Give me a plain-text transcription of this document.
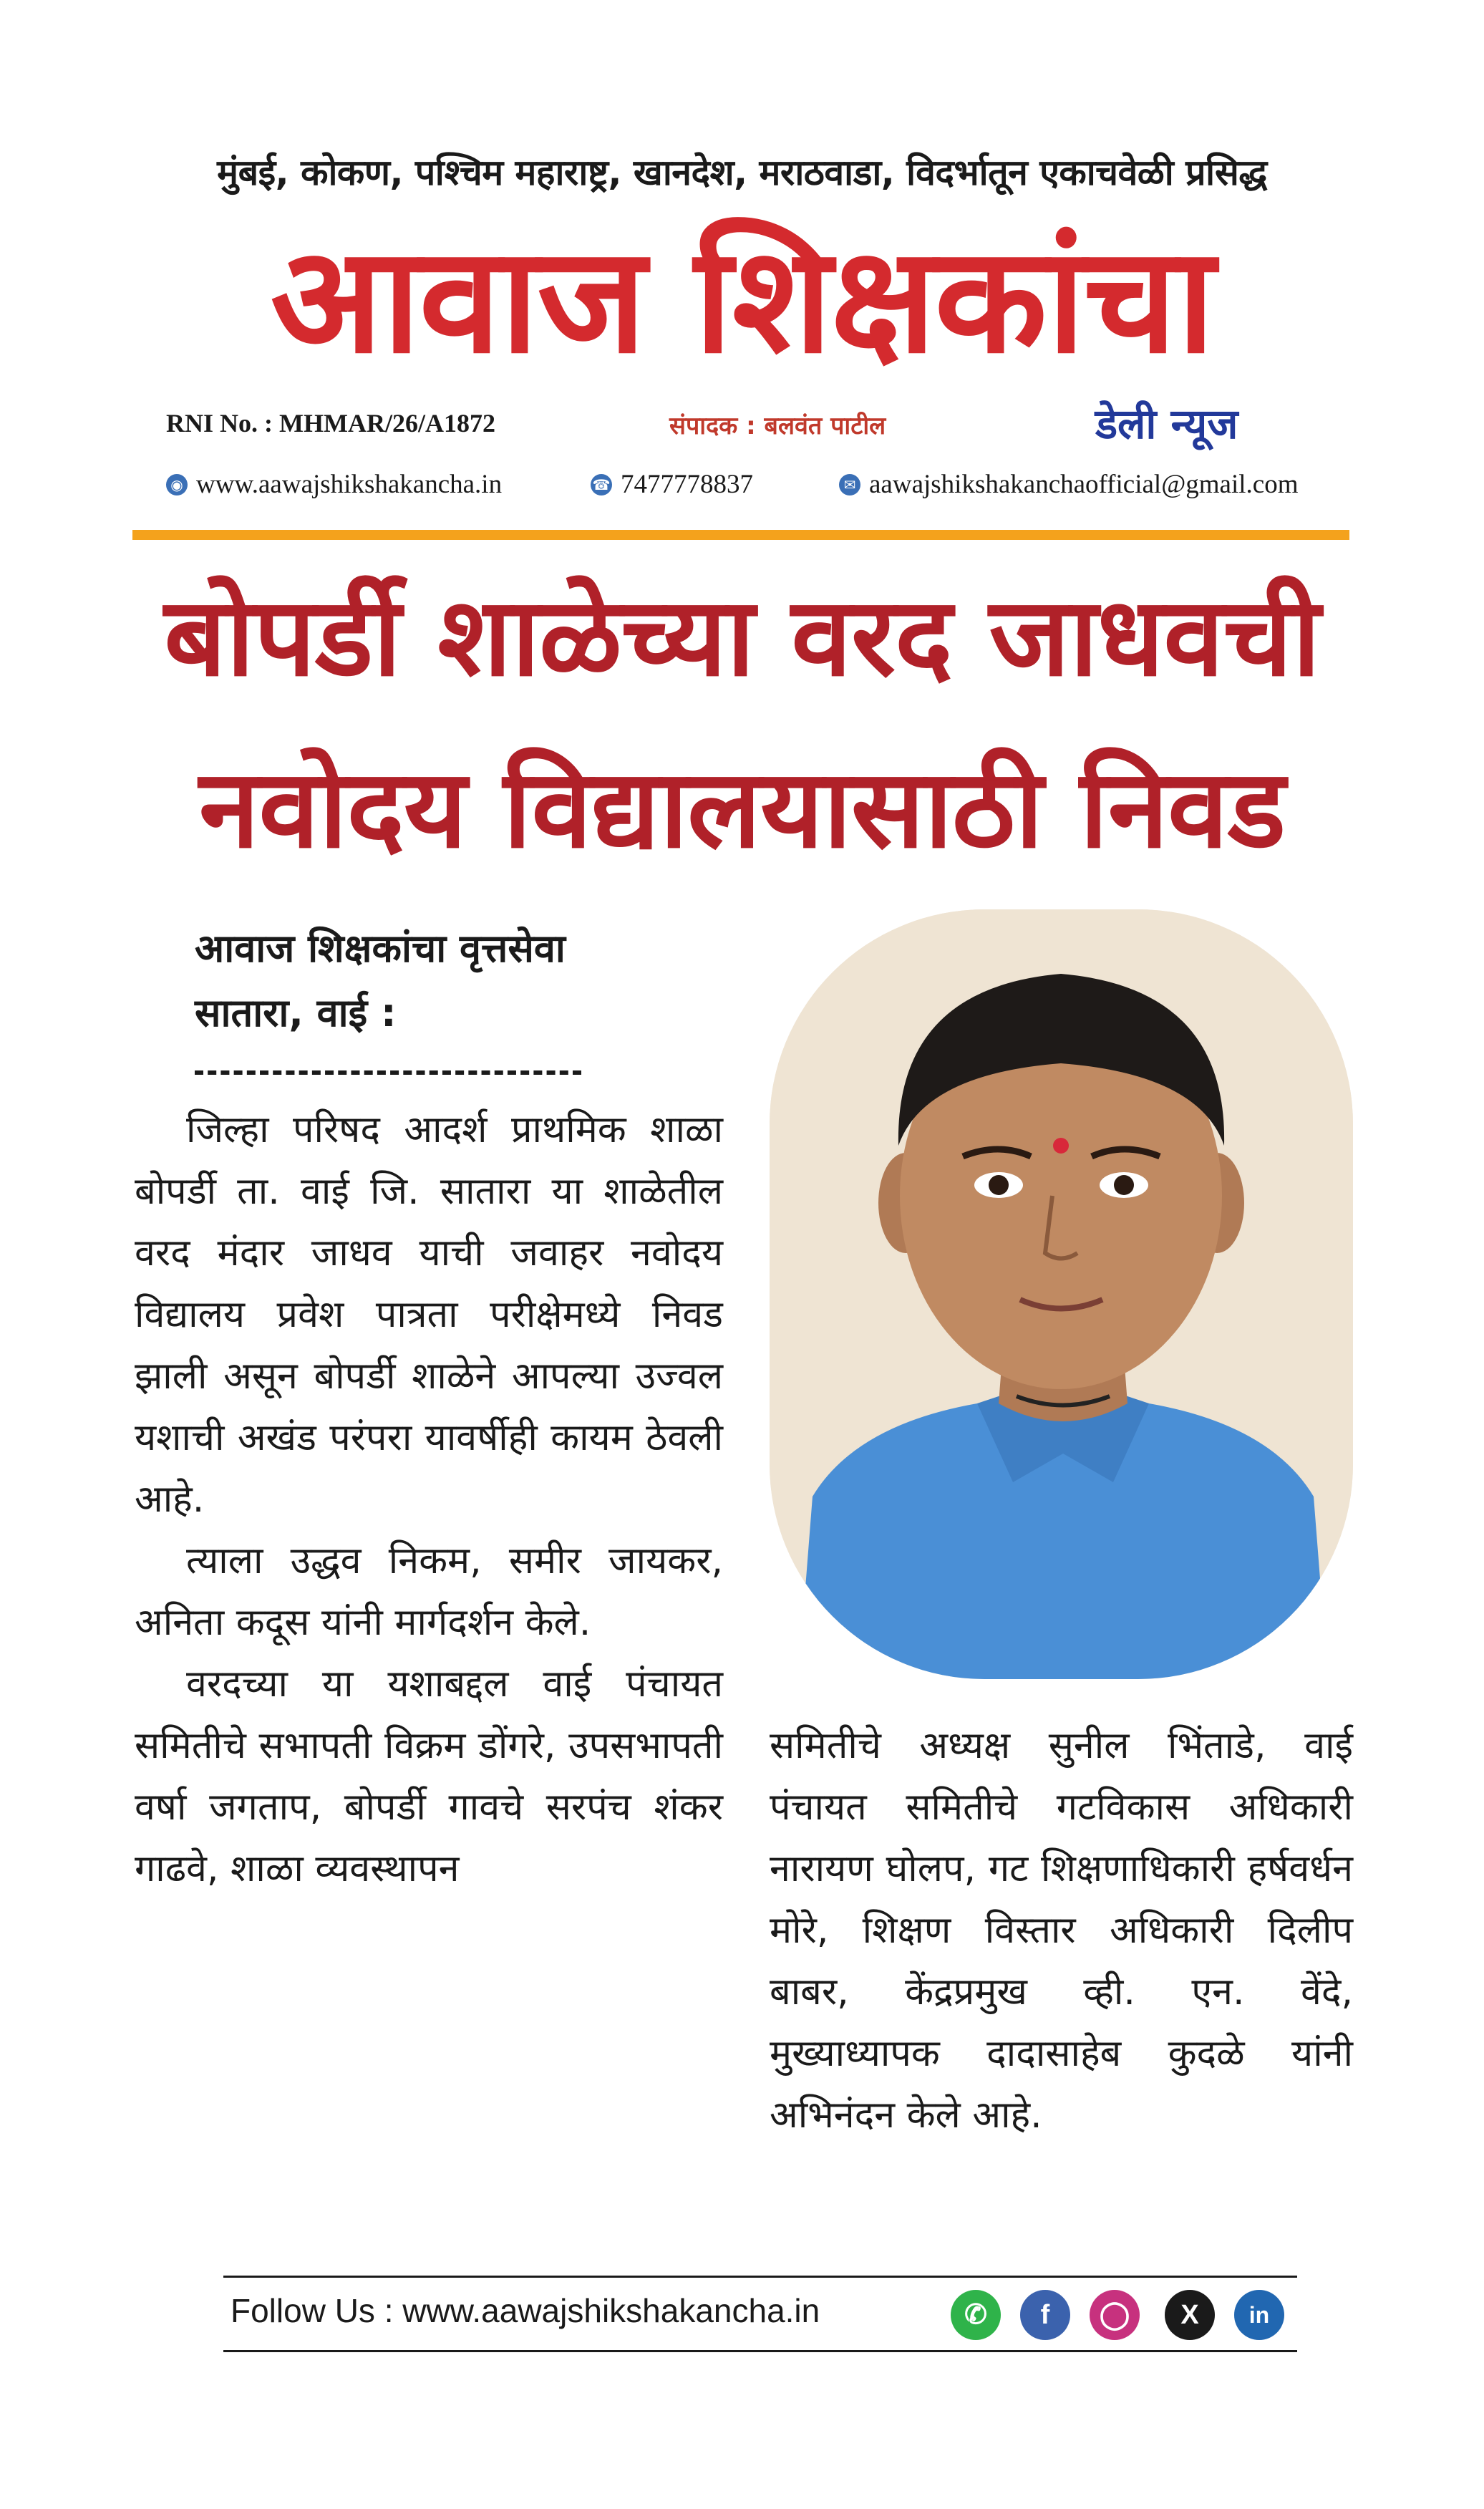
मुंबई, कोकण, पश्चिम महाराष्ट्र, खानदेश, मराठवाडा, विदर्भातून एकाचवेळी प्रसिद्ध
आवाज शिक्षकांचा
RNI No. : MHMAR/26/A1872	संपादक : बलवंत पाटील	डेली न्यूज
◉ www.aawajshikshakancha.in	☎ 7477778837	✉ aawajshikshakanchaofficial@gmail.com
बोपर्डी शाळेच्या वरद जाधवची
नवोदय विद्यालयासाठी निवड
आवाज शिक्षकांचा वृत्तसेवा
सातारा, वाई :

जिल्हा परिषद आदर्श प्राथमिक शाळा बोपर्डी ता. वाई जि. सातारा या शाळेतील वरद मंदार जाधव याची जवाहर नवोदय विद्यालय प्रवेश पात्रता परीक्षेमध्ये निवड झाली असून बोपर्डी शाळेने आपल्या उज्वल यशाची अखंड परंपरा यावर्षीही कायम ठेवली आहे.

त्याला उद्धव निकम, समीर जायकर, अनिता कदूस यांनी मार्गदर्शन केले.

वरदच्या या यशाबद्दल वाई पंचायत समितीचे सभापती विक्रम डोंगरे, उपसभापती वर्षा जगताप, बोपर्डी गावचे सरपंच शंकर गाढवे, शाळा व्यवस्थापन

समितीचे अध्यक्ष सुनील भिंताडे, वाई पंचायत समितीचे गटविकास अधिकारी नारायण घोलप, गट शिक्षणाधिकारी हर्षवर्धन मोरे, शिक्षण विस्तार अधिकारी दिलीप बाबर, केंद्रप्रमुख व्ही. एन. वेंदे, मुख्याध्यापक दादासाहेब कुदळे यांनी अभिनंदन केले आहे.

Follow Us : www.aawajshikshakancha.in	✆	f	◯	X	in
